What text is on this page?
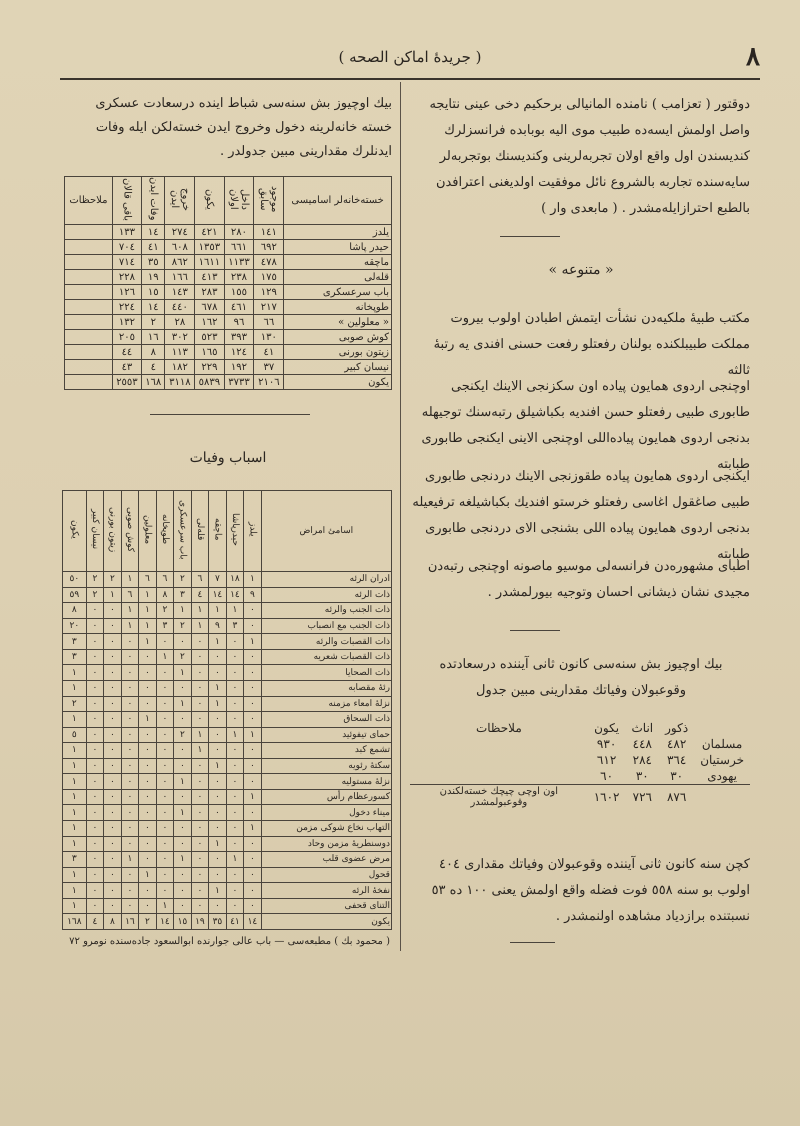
٨
( جريدهٔ اماكن الصحه )
دوقتور ( تعزامب ) نامنده المانيالى برحكيم دخى عينى نتايجه واصل اولمش ايسه‌ده طبيب موى اليه بوبابده فرانسزلرك كنديسندن اول واقع اولان تجربه‌لرينى وكنديسنك بوتجربه‌لر سايه‌سنده تجاربه بالشروع نائل موفقيت اولديغنى اعترافدن بالطبع احترازايله‌مشدر . ( مابعدى وار )
« متنوعه »
مكتب طبيهٔ ملكيه‌دن نشأت ايتمش اطبادن اولوب بيروت مملكت طبيبلكنده بولنان رفعتلو رفعت حسنى افندى يه رتبهٔ ثالثه
اوچنجى اردوى همايون پياده اون سكزنجى الاينك ايكنجى طابورى طبيى رفعتلو حسن افنديه بكباشيلق رتبه‌سنك توجيهله بدنجى اردوى همايون پياده‌اللى اوچنجى الاينى ايكنجى طابورى طبابته
ايكنجى اردوى همايون پياده طقوزنجى الاينك دردنجى طابورى طبيى صاغقول اغاسى رفعتلو خرستو افنديك بكباشيلغه ترفيعيله بدنجى اردوى همايون پياده اللى بشنجى الاى دردنجى طابورى طبابته
اطباى مشهوره‌دن فرانسه‌لى موسيو ماصونه اوچنجى رتبه‌دن مجيدى نشان ذيشانى احسان وتوجيه بيورلمشدر .
بيك اوچيوز بش سنه‌سى كانون ثانى آيننده درسعادتده وقوعبولان وفياتك مقدارينى مبين جدول
	ذكور	اناث	يكون	ملاحظات
مسلمان	٤٨٢	٤٤٨	٩٣٠	
خرستيان	٣٦٤	٢٨٤	٦١٢	
يهودى	٣٠	٣٠	٦٠	
	٨٧٦	٧٢٦	١٦٠٢	اون اوچى چيچك خسته‌لكندن وقوعبولمشدر
كچن سنه كانون ثانى آيننده وقوعبولان وفياتك مقدارى ٤٠٤ اولوب بو سنه ٥٥٨ فوت فضله واقع اولمش يعنى ١٠٠ ده ٥٣ نسبتنده برازدياد مشاهده اولنمشدر .
بيك اوچيوز بش سنه‌سى شباط اينده درسعادت عسكرى خسته خانه‌لرينه دخول وخروج ايدن خسته‌لكن ايله وفات ايدنلرك مقدارينى مبين جدولدر .
خسته‌خانه‌لر اساميسى	موجود سابق	داخل اولان	يكون	خروج ايدن	وفات ايدن	باقى قالان	ملاحظات
يلدز	١٤١	٢٨٠	٤٢١	٢٧٤	١٤	١٣٣	
حيدر پاشا	٦٩٢	٦٦١	١٣٥٣	٦٠٨	٤١	٧٠٤	
ماچقه	٤٧٨	١١٣٣	١٦١١	٨٦٢	٣٥	٧١٤	
قله‌لى	١٧٥	٢٣٨	٤١٣	١٦٦	١٩	٢٢٨	
باب سرعسكرى	١٢٩	١٥٥	٢٨٣	١٤٣	١٥	١٢٦	
طوپخانه	٢١٧	٤٦١	٦٧٨	٤٤٠	١٤	٢٢٤	
« معلولين »	٦٦	٩٦	١٦٢	٢٨	٢	١٣٢	
كوش صوبى	١٣٠	٣٩٣	٥٢٣	٣٠٢	١٦	٢٠٥	
زيتون بورنى	٤١	١٢٤	١٦٥	١١٣	٨	٤٤	
نيسان كبير	٣٧	١٩٢	٢٢٩	١٨٢	٤	٤٣	
يكون	٢١٠٦	٣٧٣٣	٥٨٣٩	٣١١٨	١٦٨	٢٥٥٣	
اسباب وفيات
اسامئ امراض	يلدز	حيدرپاشا	ماچقه	قله‌لى	باب سرعسكرى	طوپخانه	معلولين	كوش صوبى	زيتون بورنى	نيسان كبير	يكون
ادران الرئه	١	١٨	٧	٦	٢	٦	٦	١	٢	٢	٥٠
ذات الرئه	٩	١٤	١٤	٤	٣	٨	١	٦	١	٢	٥٩
ذات الجنب والرئه	٠	١	١	١	١	٢	١	١	٠	٠	٨
ذات الجنب مع انصباب	٠	٣	٩	١	٢	٣	١	١	٠	٠	٢٠
ذات القصبات والرئه	١	٠	١	٠	٠	٠	١	٠	٠	٠	٣
ذات القصبات شعريه	٠	٠	٠	٠	٢	١	٠	٠	٠	٠	٣
ذات الصحايا	٠	٠	٠	٠	١	٠	٠	٠	٠	٠	١
رئهٔ مقصابه	٠	٠	١	٠	٠	٠	٠	٠	٠	٠	١
نزلهٔ امعاء مزمنه	٠	٠	١	٠	١	٠	٠	٠	٠	٠	٢
ذات السحاق	٠	٠	٠	٠	٠	٠	١	٠	٠	٠	١
حماى تيفوئيد	١	١	٠	١	٢	٠	٠	٠	٠	٠	٥
تشمع كبد	٠	٠	٠	١	٠	٠	٠	٠	٠	٠	١
سكتهٔ رئويه	٠	٠	١	٠	٠	٠	٠	٠	٠	٠	١
نزلهٔ مستوليه	٠	٠	٠	٠	١	٠	٠	٠	٠	٠	١
كسورعظام رأس	١	٠	٠	٠	٠	٠	٠	٠	٠	٠	١
ميناء دخول	٠	٠	٠	٠	١	٠	٠	٠	٠	٠	١
التهاب نخاع شوكى مزمن	١	٠	٠	٠	٠	٠	٠	٠	٠	٠	١
دوسنطريهٔ مزمن وحاد	٠	٠	١	٠	٠	٠	٠	٠	٠	٠	١
مرض عضوى قلب	٠	١	٠	٠	١	٠	٠	١	٠	٠	٣
قحول	٠	٠	٠	٠	٠	٠	١	٠	٠	٠	١
نفخهٔ الرئه	٠	٠	١	٠	٠	٠	٠	٠	٠	٠	١
التناى قحفى	٠	٠	٠	٠	٠	١	٠	٠	٠	٠	١
يكون	١٤	٤١	٣٥	١٩	١٥	١٤	٢	١٦	٨	٤	١٦٨
( محمود بك ) مطبعه‌سى — باب عالى جوارنده ابوالسعود جاده‌سنده نومرو ٧٢
